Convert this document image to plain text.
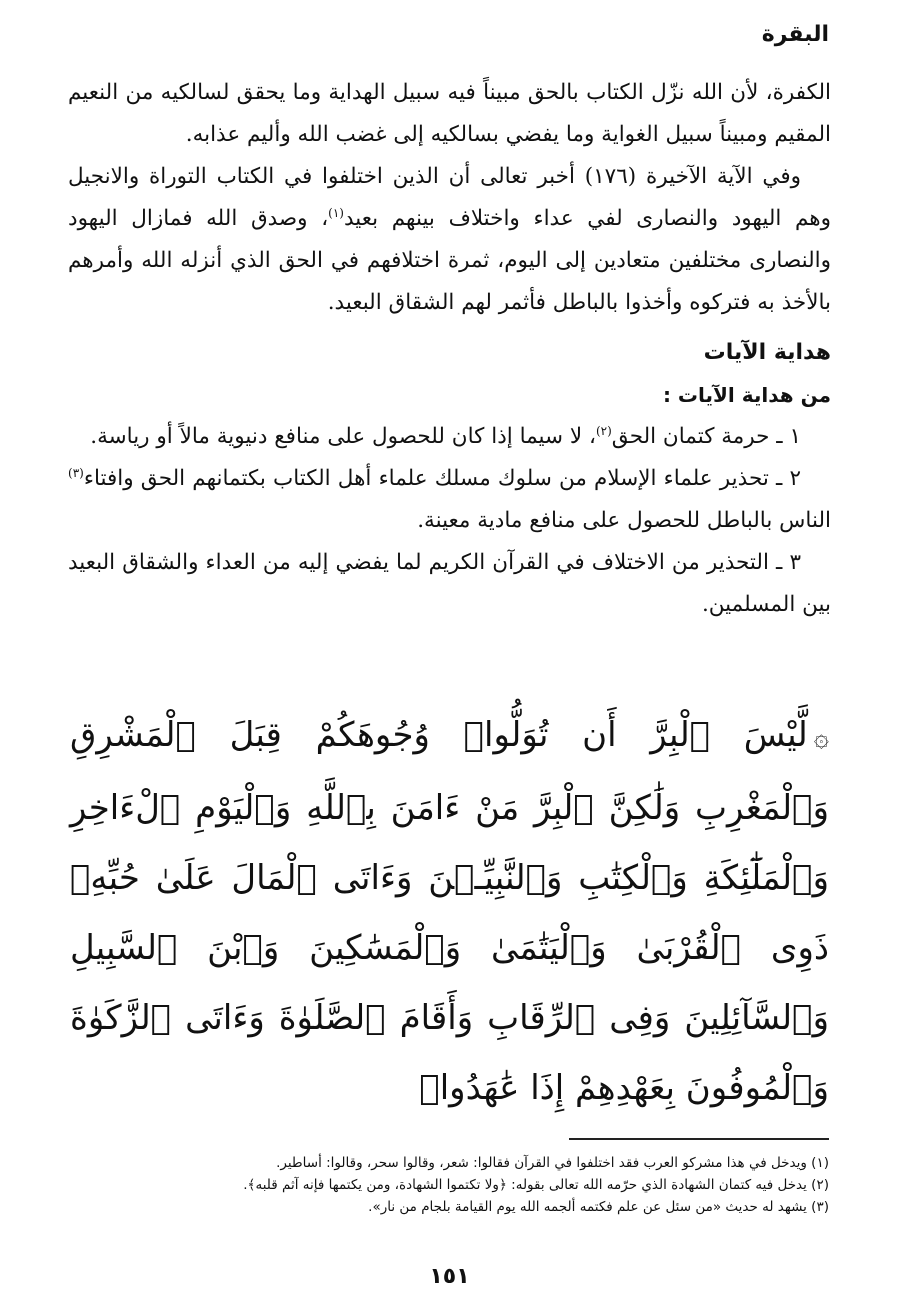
البقرة

الكفرة، لأن الله نزّل الكتاب بالحق مبيناً فيه سبيل الهداية وما يحقق لسالكيه من النعيم المقيم ومبيناً سبيل الغواية وما يفضي بسالكيه إلى غضب الله وأليم عذابه.

وفي الآية الآخيرة (١٧٦) أخبر تعالى أن الذين اختلفوا في الكتاب التوراة والانجيل وهم اليهود والنصارى لفي عداء واختلاف بينهم بعيد$^{(١)}$، وصدق الله فمازال اليهود والنصارى مختلفين متعادين إلى اليوم، ثمرة اختلافهم في الحق الذي أنزله الله وأمرهم بالأخذ به فتركوه وأخذوا بالباطل فأثمر لهم الشقاق البعيد.

هداية الآيات

من هداية الآيات :

١ ـ حرمة كتمان الحق$^{(٢)}$، لا سيما إذا كان للحصول على منافع دنيوية مالاً أو رياسة.

٢ ـ تحذير علماء الإسلام من سلوك مسلك علماء أهل الكتاب بكتمانهم الحق وافتاء$^{(٣)}$ الناس بالباطل للحصول على منافع مادية معينة.

٣ ـ التحذير من الاختلاف في القرآن الكريم لما يفضي إليه من العداء والشقاق البعيد بين المسلمين.

۞لَّيْسَ ٱلْبِرَّ أَن تُوَلُّوا۟ وُجُوهَكُمْ قِبَلَ ٱلْمَشْرِقِ وَٱلْمَغْرِبِ وَلَٰكِنَّ ٱلْبِرَّ مَنْ ءَامَنَ بِٱللَّهِ وَٱلْيَوْمِ ٱلْءَاخِرِ وَٱلْمَلَٰٓئِكَةِ وَٱلْكِتَٰبِ وَٱلنَّبِيِّـۧنَ وَءَاتَى ٱلْمَالَ عَلَىٰ حُبِّهِۦ ذَوِى ٱلْقُرْبَىٰ وَٱلْيَتَٰمَىٰ وَٱلْمَسَٰكِينَ وَٱبْنَ ٱلسَّبِيلِ وَٱلسَّآئِلِينَ وَفِى ٱلرِّقَابِ وَأَقَامَ ٱلصَّلَوٰةَ وَءَاتَى ٱلزَّكَوٰةَ وَٱلْمُوفُونَ بِعَهْدِهِمْ إِذَا عَٰهَدُوا۟

(١) ويدخل في هذا مشركو العرب فقد اختلفوا في القرآن فقالوا: شعر، وقالوا سحر، وقالوا: أساطير.

(٢) يدخل فيه كتمان الشهادة الذي حرّمه الله تعالى بقوله: ﴿ولا تكتموا الشهادة، ومن يكتمها فإنه آثم قلبه﴾.

(٣) يشهد له حديث «من سئل عن علم فكتمه ألجمه الله يوم القيامة بلجام من نار».

١٥١
